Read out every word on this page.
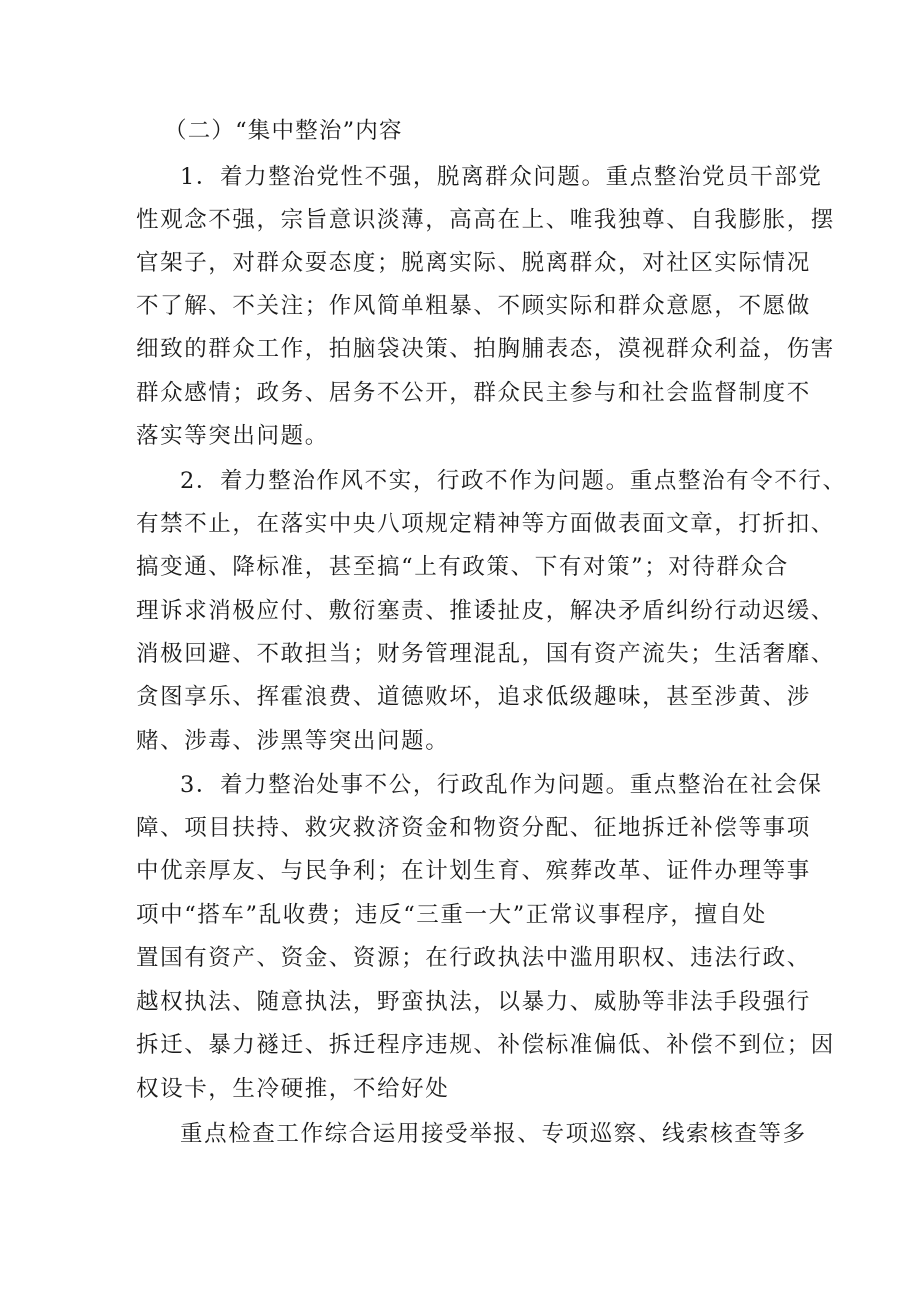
（二）“集中整治”内容
1．着力整治党性不强，脱离群众问题。重点整治党员干部党
性观念不强，宗旨意识淡薄，高高在上、唯我独尊、自我膨胀，摆
官架子，对群众耍态度；脱离实际、脱离群众，对社区实际情况
不了解、不关注；作风简单粗暴、不顾实际和群众意愿，不愿做
细致的群众工作，拍脑袋决策、拍胸脯表态，漠视群众利益，伤害
群众感情；政务、居务不公开，群众民主参与和社会监督制度不
落实等突出问题。
2．着力整治作风不实，行政不作为问题。重点整治有令不行、
有禁不止，在落实中央八项规定精神等方面做表面文章，打折扣、
搞变通、降标准，甚至搞“上有政策、下有对策”；对待群众合
理诉求消极应付、敷衍塞责、推诿扯皮，解决矛盾纠纷行动迟缓、
消极回避、不敢担当；财务管理混乱，国有资产流失；生活奢靡、
贪图享乐、挥霍浪费、道德败坏，追求低级趣味，甚至涉黄、涉
赌、涉毒、涉黑等突出问题。
3．着力整治处事不公，行政乱作为问题。重点整治在社会保
障、项目扶持、救灾救济资金和物资分配、征地拆迁补偿等事项
中优亲厚友、与民争利；在计划生育、殡葬改革、证件办理等事
项中“搭车”乱收费；违反“三重一大”正常议事程序，擅自处
置国有资产、资金、资源；在行政执法中滥用职权、违法行政、
越权执法、随意执法，野蛮执法，以暴力、威胁等非法手段强行
拆迁、暴力襚迁、拆迁程序违规、补偿标准偏低、补偿不到位；因
权设卡，生冷硬推，不给好处
重点检查工作综合运用接受举报、专项巡察、线索核查等多
